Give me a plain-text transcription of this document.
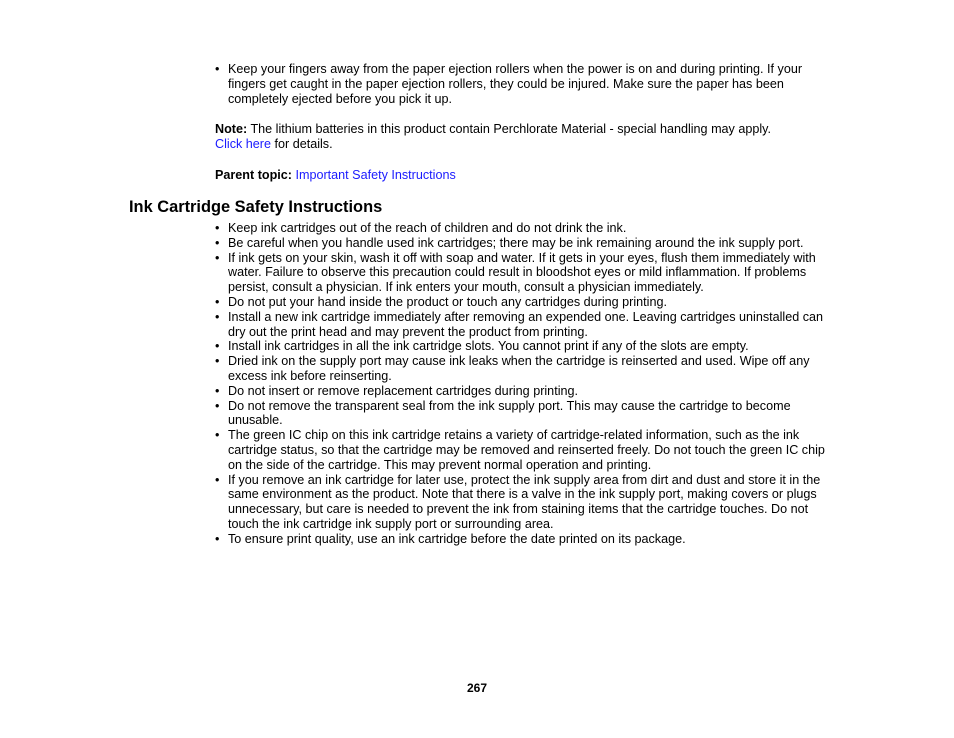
• Keep your fingers away from the paper ejection rollers when the power is on and during printing. If your fingers get caught in the paper ejection rollers, they could be injured. Make sure the paper has been completely ejected before you pick it up.

Note: The lithium batteries in this product contain Perchlorate Material - special handling may apply.
Click here for details.

Parent topic: Important Safety Instructions

Ink Cartridge Safety Instructions
• Keep ink cartridges out of the reach of children and do not drink the ink.
• Be careful when you handle used ink cartridges; there may be ink remaining around the ink supply port.
• If ink gets on your skin, wash it off with soap and water. If it gets in your eyes, flush them immediately with water. Failure to observe this precaution could result in bloodshot eyes or mild inflammation. If problems persist, consult a physician. If ink enters your mouth, consult a physician immediately.
• Do not put your hand inside the product or touch any cartridges during printing.
• Install a new ink cartridge immediately after removing an expended one. Leaving cartridges uninstalled can dry out the print head and may prevent the product from printing.
• Install ink cartridges in all the ink cartridge slots. You cannot print if any of the slots are empty.
• Dried ink on the supply port may cause ink leaks when the cartridge is reinserted and used. Wipe off any excess ink before reinserting.
• Do not insert or remove replacement cartridges during printing.
• Do not remove the transparent seal from the ink supply port. This may cause the cartridge to become unusable.
• The green IC chip on this ink cartridge retains a variety of cartridge-related information, such as the ink cartridge status, so that the cartridge may be removed and reinserted freely. Do not touch the green IC chip on the side of the cartridge. This may prevent normal operation and printing.
• If you remove an ink cartridge for later use, protect the ink supply area from dirt and dust and store it in the same environment as the product. Note that there is a valve in the ink supply port, making covers or plugs unnecessary, but care is needed to prevent the ink from staining items that the cartridge touches. Do not touch the ink cartridge ink supply port or surrounding area.
• To ensure print quality, use an ink cartridge before the date printed on its package.
267
